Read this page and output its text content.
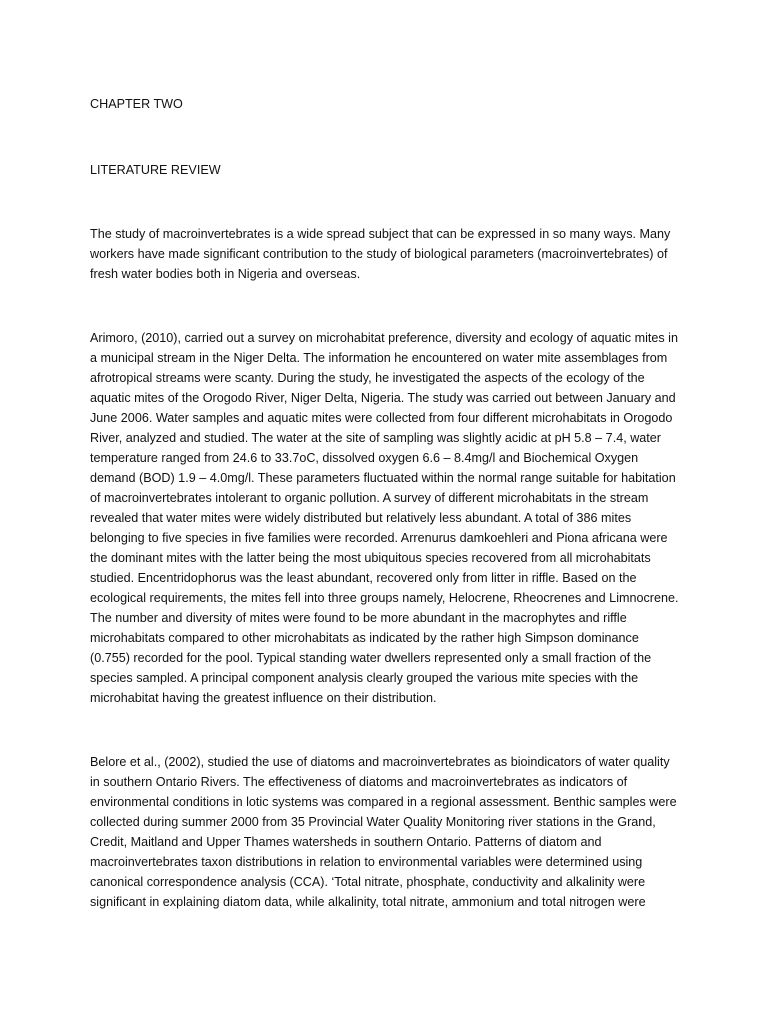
CHAPTER TWO

LITERATURE REVIEW

The study of macroinvertebrates is a wide spread subject that can be expressed in so many ways. Many workers have made significant contribution to the study of biological parameters (macroinvertebrates) of fresh water bodies both in Nigeria and overseas.

Arimoro, (2010), carried out a survey on microhabitat preference, diversity and ecology of aquatic mites in a municipal stream in the Niger Delta. The information he encountered on water mite assemblages from afrotropical streams were scanty. During the study, he investigated the aspects of the ecology of the aquatic mites of the Orogodo River, Niger Delta, Nigeria. The study was carried out between January and June 2006. Water samples and aquatic mites were collected from four different microhabitats in Orogodo River, analyzed and studied. The water at the site of sampling was slightly acidic at pH 5.8 – 7.4, water temperature ranged from 24.6 to 33.7oC, dissolved oxygen 6.6 – 8.4mg/l and Biochemical Oxygen demand (BOD) 1.9 – 4.0mg/l. These parameters fluctuated within the normal range suitable for habitation of macroinvertebrates intolerant to organic pollution. A survey of different microhabitats in the stream revealed that water mites were widely distributed but relatively less abundant. A total of 386 mites belonging to five species in five families were recorded. Arrenurus damkoehleri and Piona africana were the dominant mites with the latter being the most ubiquitous species recovered from all microhabitats studied. Encentridophorus was the least abundant, recovered only from litter in riffle. Based on the ecological requirements, the mites fell into three groups namely, Helocrene, Rheocrenes and Limnocrene. The number and diversity of mites were found to be more abundant in the macrophytes and riffle microhabitats compared to other microhabitats as indicated by the rather high Simpson dominance (0.755) recorded for the pool. Typical standing water dwellers represented only a small fraction of the species sampled. A principal component analysis clearly grouped the various mite species with the microhabitat having the greatest influence on their distribution.

Belore et al., (2002), studied the use of diatoms and macroinvertebrates as bioindicators of water quality in southern Ontario Rivers. The effectiveness of diatoms and macroinvertebrates as indicators of environmental conditions in lotic systems was compared in a regional assessment. Benthic samples were collected during summer 2000 from 35 Provincial Water Quality Monitoring river stations in the Grand, Credit, Maitland and Upper Thames watersheds in southern Ontario. Patterns of diatom and macroinvertebrates taxon distributions in relation to environmental variables were determined using canonical correspondence analysis (CCA). ‘Total nitrate, phosphate, conductivity and alkalinity were significant in explaining diatom data, while alkalinity, total nitrate, ammonium and total nitrogen were
